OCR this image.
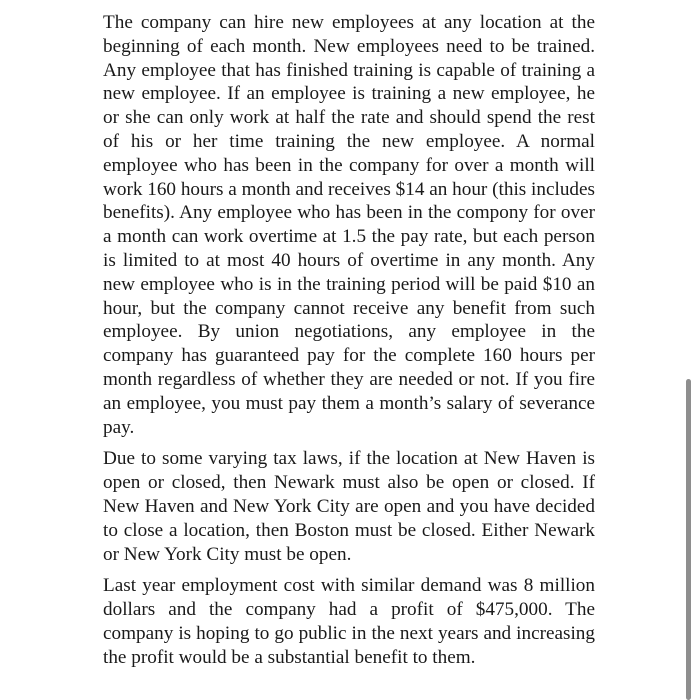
The company can hire new employees at any location at the beginning of each month. New employees need to be trained. Any employee that has finished training is capable of training a new employee. If an employee is training a new employee, he or she can only work at half the rate and should spend the rest of his or her time training the new employee. A normal employee who has been in the company for over a month will work 160 hours a month and receives $14 an hour (this includes benefits). Any employee who has been in the compony for over a month can work overtime at 1.5 the pay rate, but each person is limited to at most 40 hours of overtime in any month. Any new employee who is in the training period will be paid $10 an hour, but the company cannot receive any benefit from such employee. By union negotiations, any employee in the company has guaranteed pay for the complete 160 hours per month regardless of whether they are needed or not. If you fire an employee, you must pay them a month’s salary of severance pay.

Due to some varying tax laws, if the location at New Haven is open or closed, then Newark must also be open or closed. If New Haven and New York City are open and you have decided to close a location, then Boston must be closed. Either Newark or New York City must be open.

Last year employment cost with similar demand was 8 million dollars and the company had a profit of $475,000. The company is hoping to go public in the next years and increasing the profit would be a substantial benefit to them.
